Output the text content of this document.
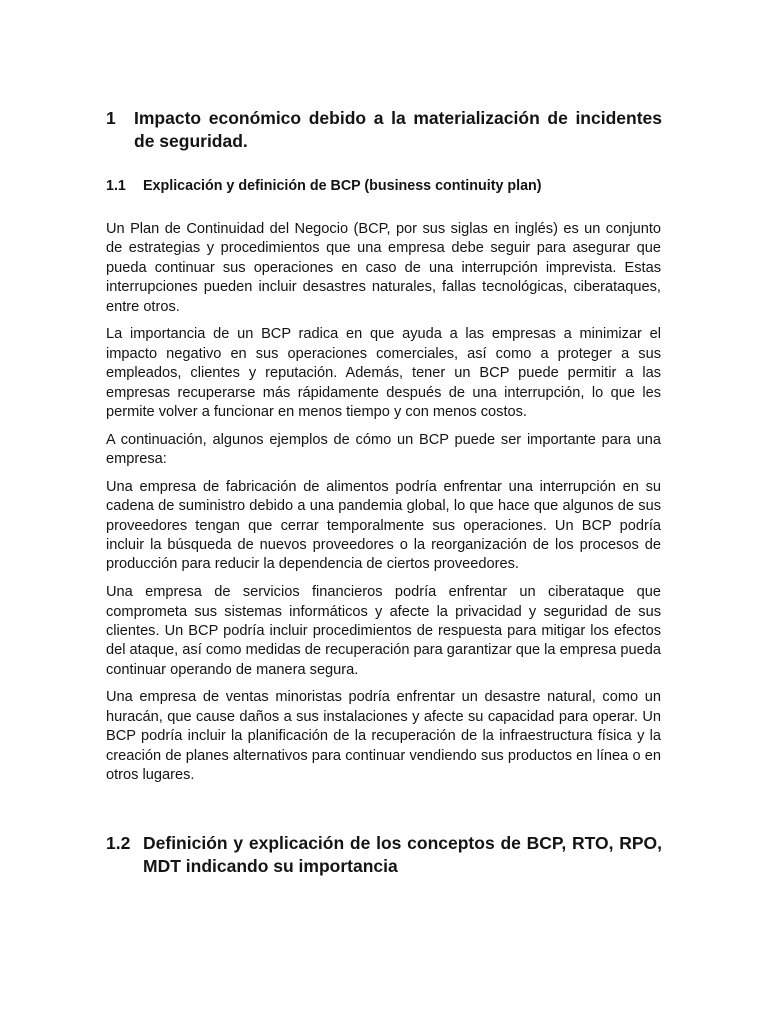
1	Impacto económico debido a la materialización de incidentes de seguridad.
1.1	Explicación y definición de BCP (business continuity plan)

Un Plan de Continuidad del Negocio (BCP, por sus siglas en inglés) es un conjunto de estrategias y procedimientos que una empresa debe seguir para asegurar que pueda continuar sus operaciones en caso de una interrupción imprevista. Estas interrupciones pueden incluir desastres naturales, fallas tecnológicas, ciberataques, entre otros.

La importancia de un BCP radica en que ayuda a las empresas a minimizar el impacto negativo en sus operaciones comerciales, así como a proteger a sus empleados, clientes y reputación. Además, tener un BCP puede permitir a las empresas recuperarse más rápidamente después de una interrupción, lo que les permite volver a funcionar en menos tiempo y con menos costos.

A continuación, algunos ejemplos de cómo un BCP puede ser importante para una empresa:

Una empresa de fabricación de alimentos podría enfrentar una interrupción en su cadena de suministro debido a una pandemia global, lo que hace que algunos de sus proveedores tengan que cerrar temporalmente sus operaciones. Un BCP podría incluir la búsqueda de nuevos proveedores o la reorganización de los procesos de producción para reducir la dependencia de ciertos proveedores.

Una empresa de servicios financieros podría enfrentar un ciberataque que comprometa sus sistemas informáticos y afecte la privacidad y seguridad de sus clientes. Un BCP podría incluir procedimientos de respuesta para mitigar los efectos del ataque, así como medidas de recuperación para garantizar que la empresa pueda continuar operando de manera segura.

Una empresa de ventas minoristas podría enfrentar un desastre natural, como un huracán, que cause daños a sus instalaciones y afecte su capacidad para operar. Un BCP podría incluir la planificación de la recuperación de la infraestructura física y la creación de planes alternativos para continuar vendiendo sus productos en línea o en otros lugares.

1.2 Definición y explicación de los conceptos de BCP, RTO, RPO, MDT indicando su importancia
